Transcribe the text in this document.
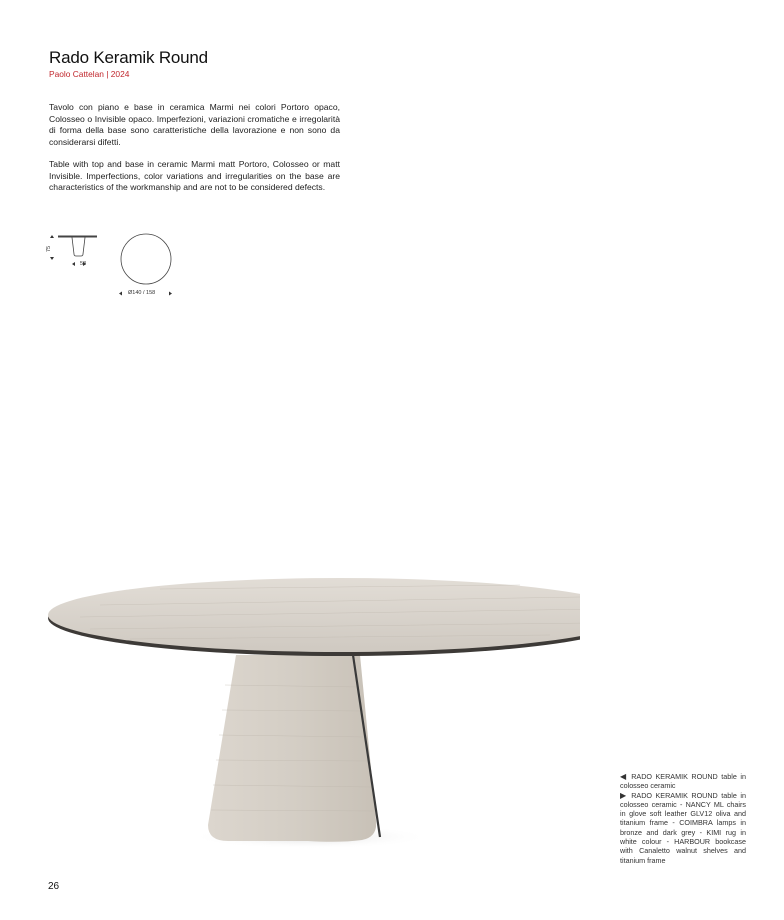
Rado Keramik Round
Paolo Cattelan | 2024

Tavolo con piano e base in ceramica Marmi nei colori Portoro opaco, Colosseo o Invisible opaco. Imperfezioni, variazioni cromatiche e irregolarità di forma della base sono caratteristiche della lavorazione e non sono da considerarsi difetti.

Table with top and base in ceramic Marmi matt Portoro, Colosseo or matt Invisible. Imperfections, color variations and irregularities on the base are characteristics of the workmanship and are not to be considered defects.

75
58
Ø140 / 158

◀ RADO KERAMIK ROUND table in colosseo ceramic

▶ RADO KERAMIK ROUND table in colosseo ceramic - NANCY ML chairs in glove soft leather GLV12 oliva and titanium frame - COIMBRA lamps in bronze and dark grey - KIMI rug in white colour - HARBOUR bookcase with Canaletto walnut shelves and titanium frame

26
